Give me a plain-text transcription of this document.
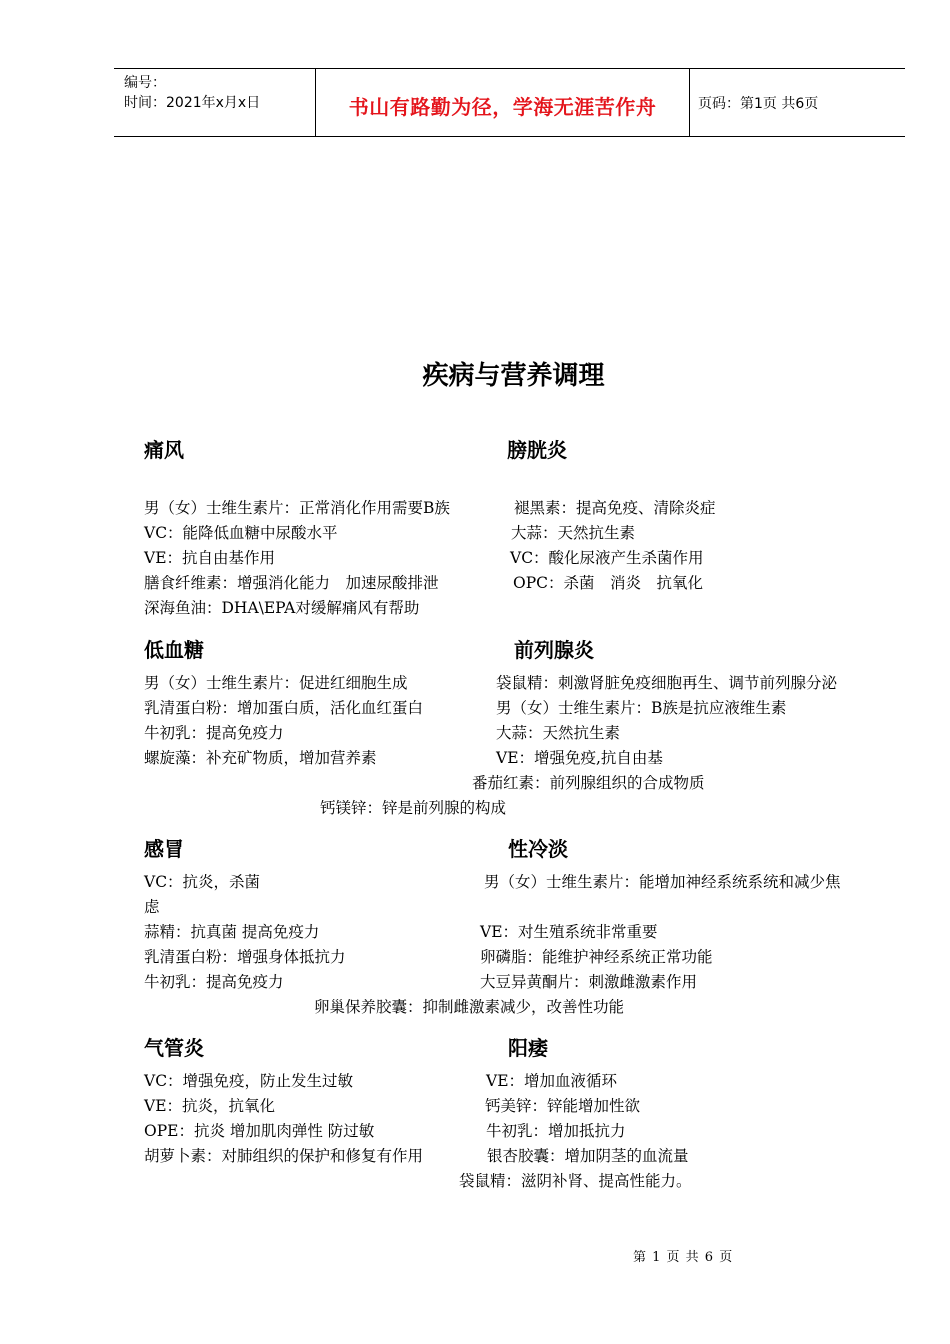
编号：
时间：2021年x月x日	书山有路勤为径，学海无涯苦作舟	页码：第1页 共6页
疾病与营养调理
痛风	膀胱炎
男（女）士维生素片：正常消化作用需要B族
VC：能降低血糖中尿酸水平
VE：抗自由基作用
膳食纤维素：增强消化能力　加速尿酸排泄
深海鱼油：DHA\EPA对缓解痛风有帮助
褪黑素：提高免疫、清除炎症
大蒜：天然抗生素
VC：酸化尿液产生杀菌作用
OPC：杀菌　消炎　抗氧化
低血糖	前列腺炎
男（女）士维生素片：促进红细胞生成
乳清蛋白粉：增加蛋白质，活化血红蛋白
牛初乳：提高免疫力
螺旋藻：补充矿物质，增加营养素
袋鼠精：刺激肾脏免疫细胞再生、调节前列腺分泌
男（女）士维生素片：B族是抗应液维生素
大蒜：天然抗生素
VE：增强免疫,抗自由基
番茄红素：前列腺组织的合成物质
钙镁锌：锌是前列腺的构成
感冒	性冷淡
VC：抗炎，杀菌	男（女）士维生素片：能增加神经系统系统和减少焦
虑
蒜精：抗真菌 提高免疫力
乳清蛋白粉：增强身体抵抗力
牛初乳：提高免疫力
VE：对生殖系统非常重要
卵磷脂：能维护神经系统正常功能
大豆异黄酮片：刺激雌激素作用
卵巢保养胶囊：抑制雌激素减少，改善性功能
气管炎	阳痿
VC：增强免疫，防止发生过敏
VE：抗炎，抗氧化
OPE：抗炎 增加肌肉弹性 防过敏
胡萝卜素：对肺组织的保护和修复有作用
VE：增加血液循环
钙美锌：锌能增加性欲
牛初乳：增加抵抗力
银杏胶囊：增加阴茎的血流量
袋鼠精：滋阴补肾、提高性能力。
第 1 页 共 6 页
